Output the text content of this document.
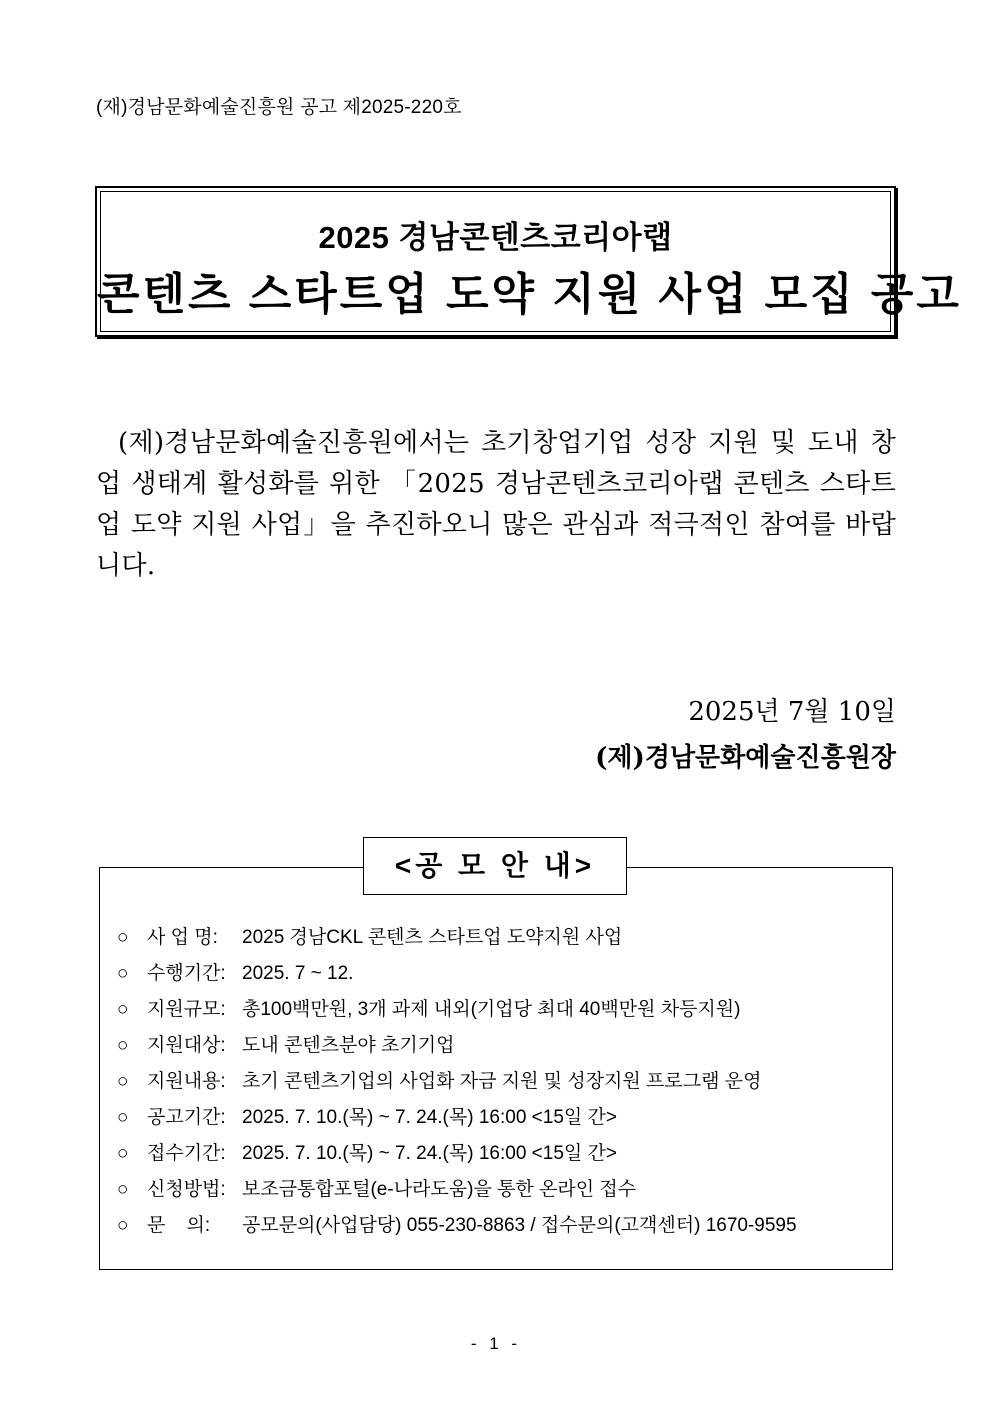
(재)경남문화예술진흥원 공고 제2025-220호
2025 경남콘텐츠코리아랩
콘텐츠 스타트업 도약 지원 사업 모집 공고

(제)경남문화예술진흥원에서는 초기창업기업 성장 지원 및 도내 창업 생태계 활성화를 위한 「2025 경남콘텐츠코리아랩 콘텐츠 스타트업 도약 지원 사업」을 추진하오니 많은 관심과 적극적인 참여를 바랍니다.

2025년 7월 10일
(제)경남문화예술진흥원장
<공 모 안 내>
○ 사 업 명:	2025 경남CKL 콘텐츠 스타트업 도약지원 사업
○ 수행기간: 2025. 7 ~ 12.
○ 지원규모: 총100백만원, 3개 과제 내외(기업당 최대 40백만원 차등지원)
○ 지원대상: 도내 콘텐츠분야 초기기업
○ 지원내용: 초기 콘텐츠기업의 사업화 자금 지원 및 성장지원 프로그램 운영
○ 공고기간: 2025. 7. 10.(목) ~ 7. 24.(목) 16:00 <15일 간>
○ 접수기간: 2025. 7. 10.(목) ~ 7. 24.(목) 16:00 <15일 간>
○ 신청방법: 보조금통합포털(e-나라도움)을 통한 온라인 접수
○ 문    의:	공모문의(사업담당) 055-230-8863 / 접수문의(고객센터) 1670-9595
- 1 -
